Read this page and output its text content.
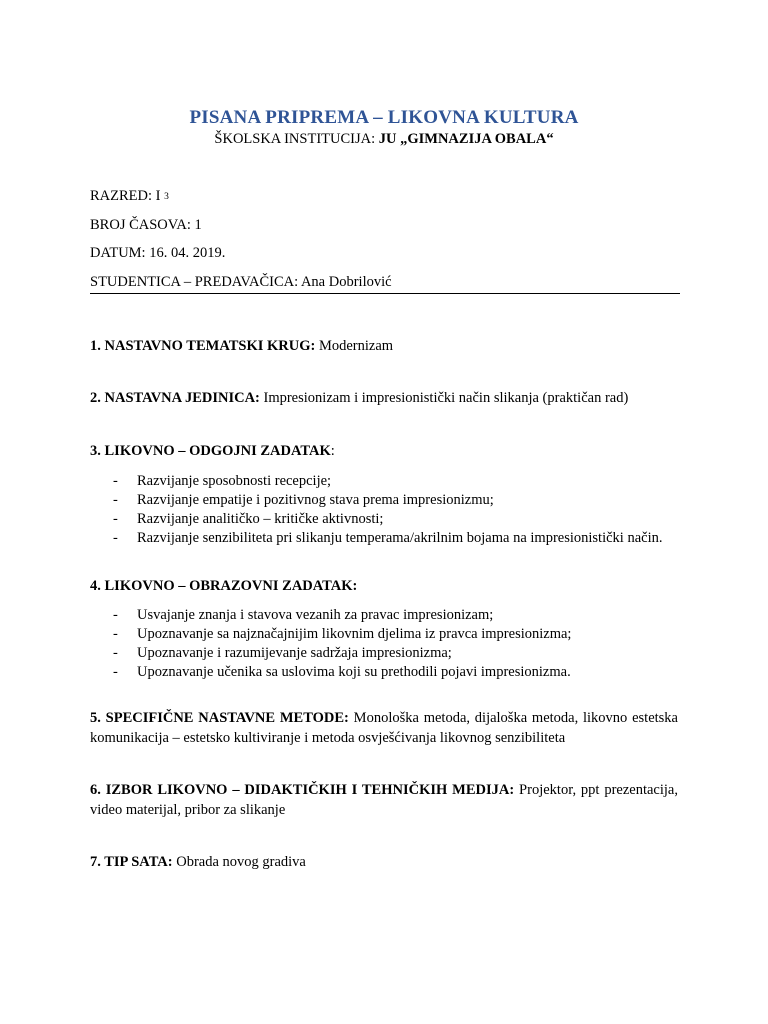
PISANA PRIPREMA – LIKOVNA KULTURA
ŠKOLSKA INSTITUCIJA: JU „GIMNAZIJA OBALA“
RAZRED: I 3
BROJ ČASOVA: 1
DATUM: 16. 04. 2019.
STUDENTICA – PREDAVAČICA: Ana Dobrilović
1. NASTAVNO TEMATSKI KRUG: Modernizam
2. NASTAVNA JEDINICA: Impresionizam i impresionistički način slikanja (praktičan rad)
3. LIKOVNO – ODGOJNI ZADATAK:
- Razvijanje sposobnosti recepcije;
- Razvijanje empatije i pozitivnog stava prema impresionizmu;
- Razvijanje analitičko – kritičke aktivnosti;
- Razvijanje senzibiliteta pri slikanju temperama/akrilnim bojama na impresionistički način.
4. LIKOVNO – OBRAZOVNI ZADATAK:
- Usvajanje znanja i stavova vezanih za pravac impresionizam;
- Upoznavanje sa najznačajnijim likovnim djelima iz pravca impresionizma;
- Upoznavanje i razumijevanje sadržaja impresionizma;
- Upoznavanje učenika sa uslovima koji su prethodili pojavi impresionizma.
5. SPECIFIČNE NASTAVNE METODE: Monološka metoda, dijaloška metoda, likovno estetska komunikacija – estetsko kultiviranje i metoda osvješćivanja likovnog senzibiliteta
6. IZBOR LIKOVNO – DIDAKTIČKIH I TEHNIČKIH MEDIJA: Projektor, ppt prezentacija, video materijal, pribor za slikanje
7. TIP SATA: Obrada novog gradiva
